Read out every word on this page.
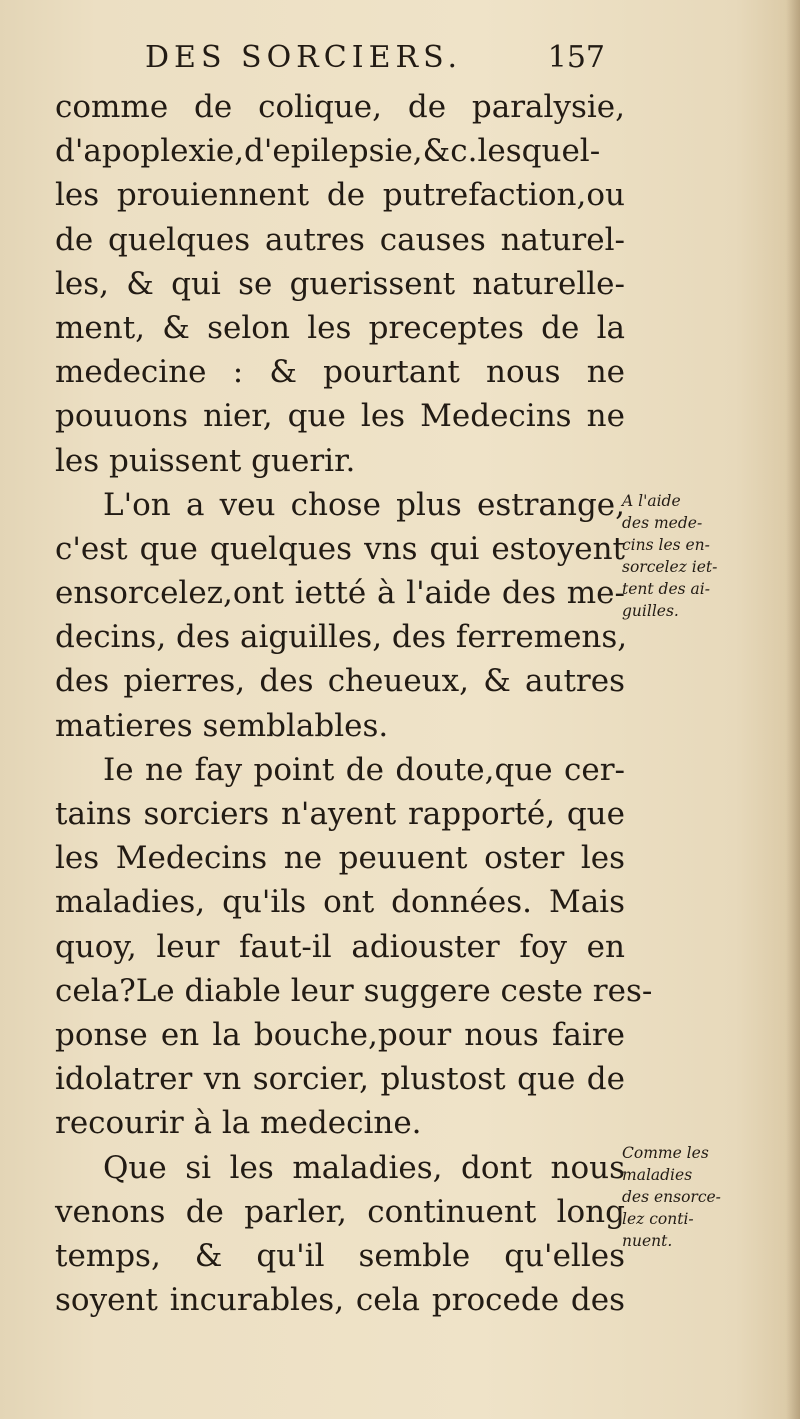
DES SORCIERS.	157
comme de colique, de paralysie,
d'apoplexie,d'epilepsie,&c.lesquel-
les prouiennent de putrefaction,ou
de quelques autres causes naturel-
les, & qui se guerissent naturelle-
ment, & selon les preceptes de la
medecine : & pourtant nous ne
pouuons nier, que les Medecins ne
les puissent guerir.
L'on a veu chose plus estrange,
c'est que quelques vns qui estoyent
ensorcelez,ont ietté à l'aide des me-
decins, des aiguilles, des ferremens,
des pierres, des cheueux, & autres
matieres semblables.
Ie ne fay point de doute,que cer-
tains sorciers n'ayent rapporté, que
les Medecins ne peuuent oster les
maladies, qu'ils ont données. Mais
quoy, leur faut-il adiouster foy en
cela?Le diable leur suggere ceste res-
ponse en la bouche,pour nous faire
idolatrer vn sorcier, plustost que de
recourir à la medecine.
Que si les maladies, dont nous
venons de parler, continuent long
temps, & qu'il semble qu'elles
soyent incurables, cela procede des
A l'aide
des mede-
cins les en-
sorcelez iet-
tent des ai-
guilles.
Comme les
maladies
des ensorce-
lez conti-
nuent.
